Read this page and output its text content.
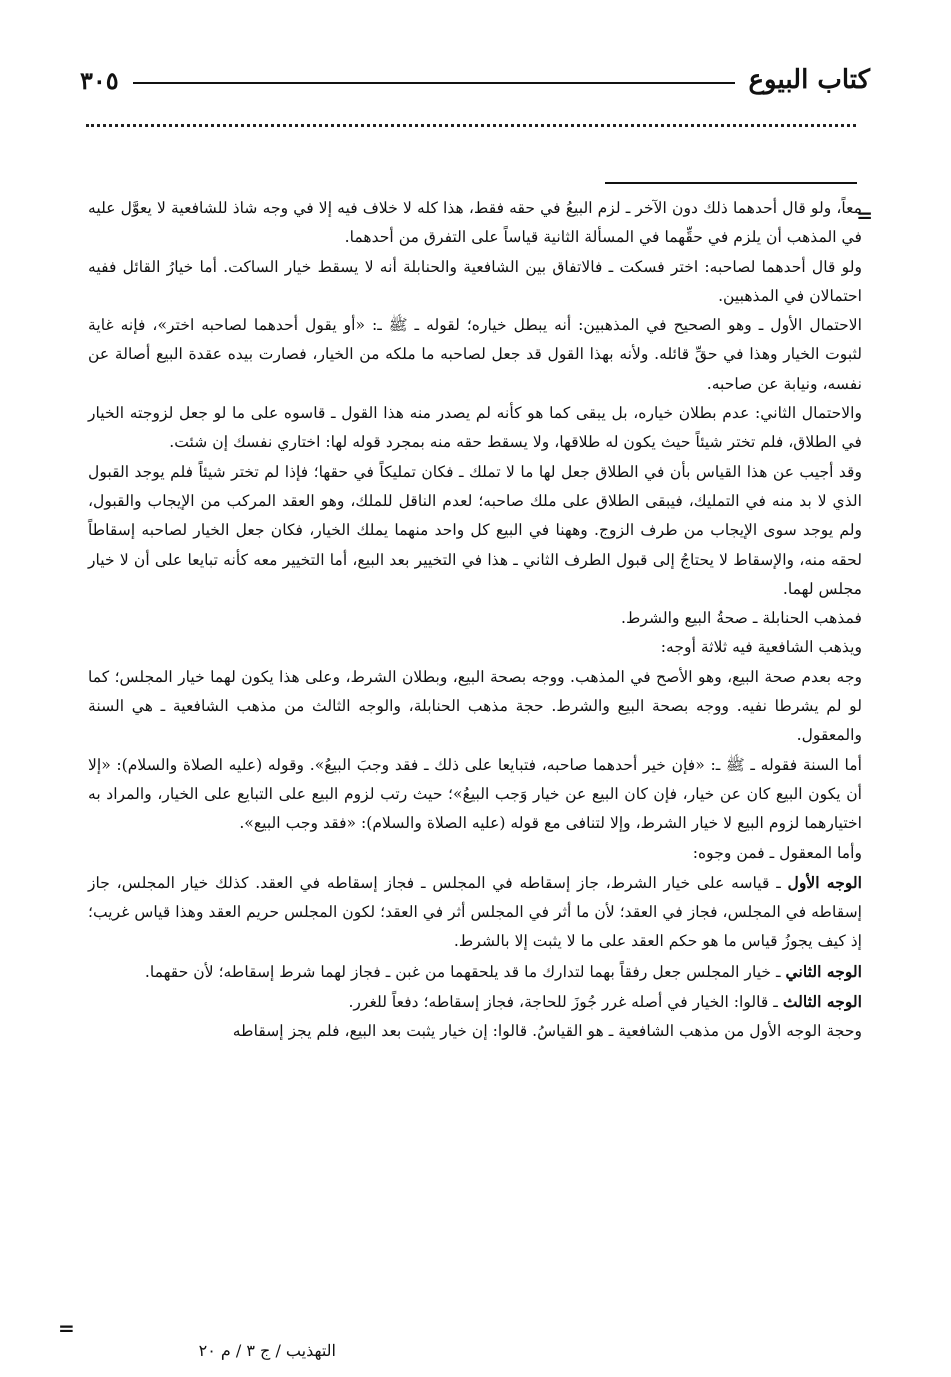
كتاب البيوع
٣٠٥
=

معاً، ولو قال أحدهما ذلك دون الآخر ـ لزم البيعُ في حقه فقط، هذا كله لا خلاف فيه إلا في وجه شاذ للشافعية لا يعوَّل عليه في المذهب أن يلزم في حقِّهما في المسألة الثانية قياساً على التفرق من أحدهما.

ولو قال أحدهما لصاحبه: اختر فسكت ـ فالاتفاق بين الشافعية والحنابلة أنه لا يسقط خيار الساكت. أما خيارُ القائل ففيه احتمالان في المذهبين.

الاحتمال الأول ـ وهو الصحيح في المذهبين: أنه يبطل خياره؛ لقوله ـ ﷺ ـ: «أو يقول أحدهما لصاحبه اختر»، فإنه غاية لثبوت الخيار وهذا في حقِّ قائله. ولأنه بهذا القول قد جعل لصاحبه ما ملكه من الخيار، فصارت بيده عقدة البيع أصالة عن نفسه، ونيابة عن صاحبه.

والاحتمال الثاني: عدم بطلان خياره، بل يبقى كما هو كأنه لم يصدر منه هذا القول ـ قاسوه على ما لو جعل لزوجته الخيار في الطلاق، فلم تختر شيئاً حيث يكون له طلاقها، ولا يسقط حقه منه بمجرد قوله لها: اختاري نفسك إن شئت.

وقد أجيب عن هذا القياس بأن في الطلاق جعل لها ما لا تملك ـ فكان تمليكاً في حقها؛ فإذا لم تختر شيئاً فلم يوجد القبول الذي لا بد منه في التمليك، فيبقى الطلاق على ملك صاحبه؛ لعدم الناقل للملك، وهو العقد المركب من الإيجاب والقبول، ولم يوجد سوى الإيجاب من طرف الزوج. وههنا في البيع كل واحد منهما يملك الخيار، فكان جعل الخيار لصاحبه إسقاطاً لحقه منه، والإسقاط لا يحتاجُ إلى قبول الطرف الثاني ـ هذا في التخيير بعد البيع، أما التخيير معه كأنه تبايعا على أن لا خيار مجلس لهما.

فمذهب الحنابلة ـ صحةُ البيع والشرط.

ويذهب الشافعية فيه ثلاثة أوجه:

وجه بعدم صحة البيع، وهو الأصح في المذهب. ووجه بصحة البيع، وبطلان الشرط، وعلى هذا يكون لهما خيار المجلس؛ كما لو لم يشرطا نفيه. ووجه بصحة البيع والشرط. حجة مذهب الحنابلة، والوجه الثالث من مذهب الشافعية ـ هي السنة والمعقول.

أما السنة فقوله ـ ﷺ ـ: «فإن خير أحدهما صاحبه، فتبايعا على ذلك ـ فقد وجبَ البيعُ». وقوله (عليه الصلاة والسلام): «إلا أن يكون البيع كان عن خيار، فإن كان البيع عن خيار وَجب البيعُ»؛ حيث رتب لزوم البيع على التبايع على الخيار، والمراد به اختيارهما لزوم البيع لا خيار الشرط، وإلا لتنافى مع قوله (عليه الصلاة والسلام): «فقد وجب البيع».

وأما المعقول ـ فمن وجوه:

الوجه الأول ـ قياسه على خيار الشرط، جاز إسقاطه في المجلس ـ فجاز إسقاطه في العقد. كذلك خيار المجلس، جاز إسقاطه في المجلس، فجاز في العقد؛ لأن ما أثر في المجلس أثر في العقد؛ لكون المجلس حريم العقد وهذا قياس غريب؛ إذ كيف يجوزُ قياس ما هو حكم العقد على ما لا يثبت إلا بالشرط.

الوجه الثاني ـ خيار المجلس جعل رفقاً بهما لتدارك ما قد يلحقهما من غبن ـ فجاز لهما شرط إسقاطه؛ لأن حقهما.

الوجه الثالث ـ قالوا: الخيار في أصله غرر جُوزَ للحاجة، فجاز إسقاطه؛ دفعاً للغرر.

وحجة الوجه الأول من مذهب الشافعية ـ هو القياسُ. قالوا: إن خيار يثبت بعد البيع، فلم يجز إسقاطه

=
التهذيب / ج ٣ / م ٢٠
